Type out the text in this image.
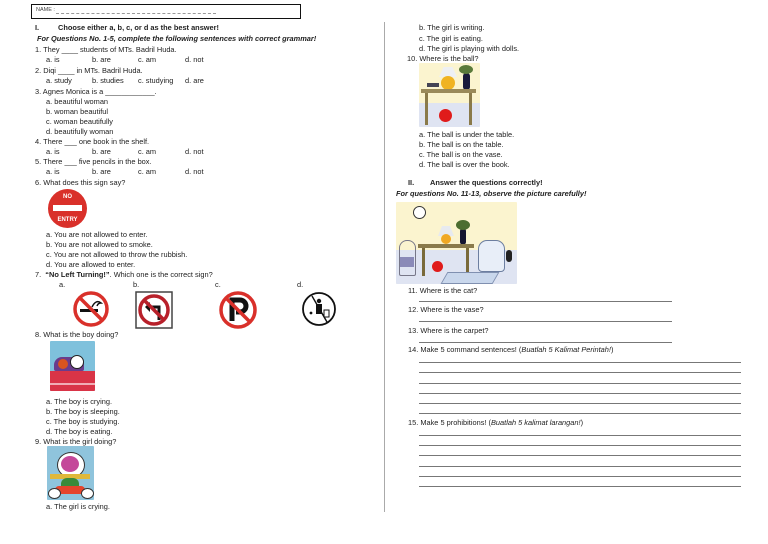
NAME :
I.	Choose either a, b, c, or d as the best answer!
For Questions No. 1-5, complete the following sentences with correct grammar!
1. They ____ students of MTs. Badril Huda.
a. is	b. are	c. am	d. not
2. Diqi ____ in MTs. Badril Huda.
a. study	b. studies c. studying d. are
3. Agnes Monica is a ____________.
a. beautiful woman
b. woman beautiful
c. woman beautifully
d. beautifully woman
4. There ___ one book in the shelf.
a. is	b. are	c. am	d. not
5. There ___ five pencils in the box.
a. is	b. are	c. am	d. not
6. What does this sign say?
NO
ENTRY
a. You are not allowed to enter.
b. You are not allowed to smoke.
c. You are not allowed to throw the rubbish.
d. You are allowed to enter.
7. “No Left Turning!”. Which one is the correct sign?
a.	b.	c.	d.
8. What is the boy doing?
a. The boy is crying.
b. The boy is sleeping.
c. The boy is studying.
d. The boy is eating.
9. What is the girl doing?
a. The girl is crying.
b. The girl is writing.
c. The girl is eating.
d. The girl is playing with dolls.
10. Where is the ball?
a. The ball is under the table.
b. The ball is on the table.
c. The ball is on the vase.
d. The ball is over the book.
II. Answer the questions correctly!
For questions No. 11-13, observe the picture carefully!
11. Where is the cat?
12. Where is the vase?
13. Where is the carpet?
14. Make 5 command sentences! (Buatlah 5 Kalimat Perintah!)
15. Make 5 prohibitions! (Buatlah 5 kalimat larangan!)
